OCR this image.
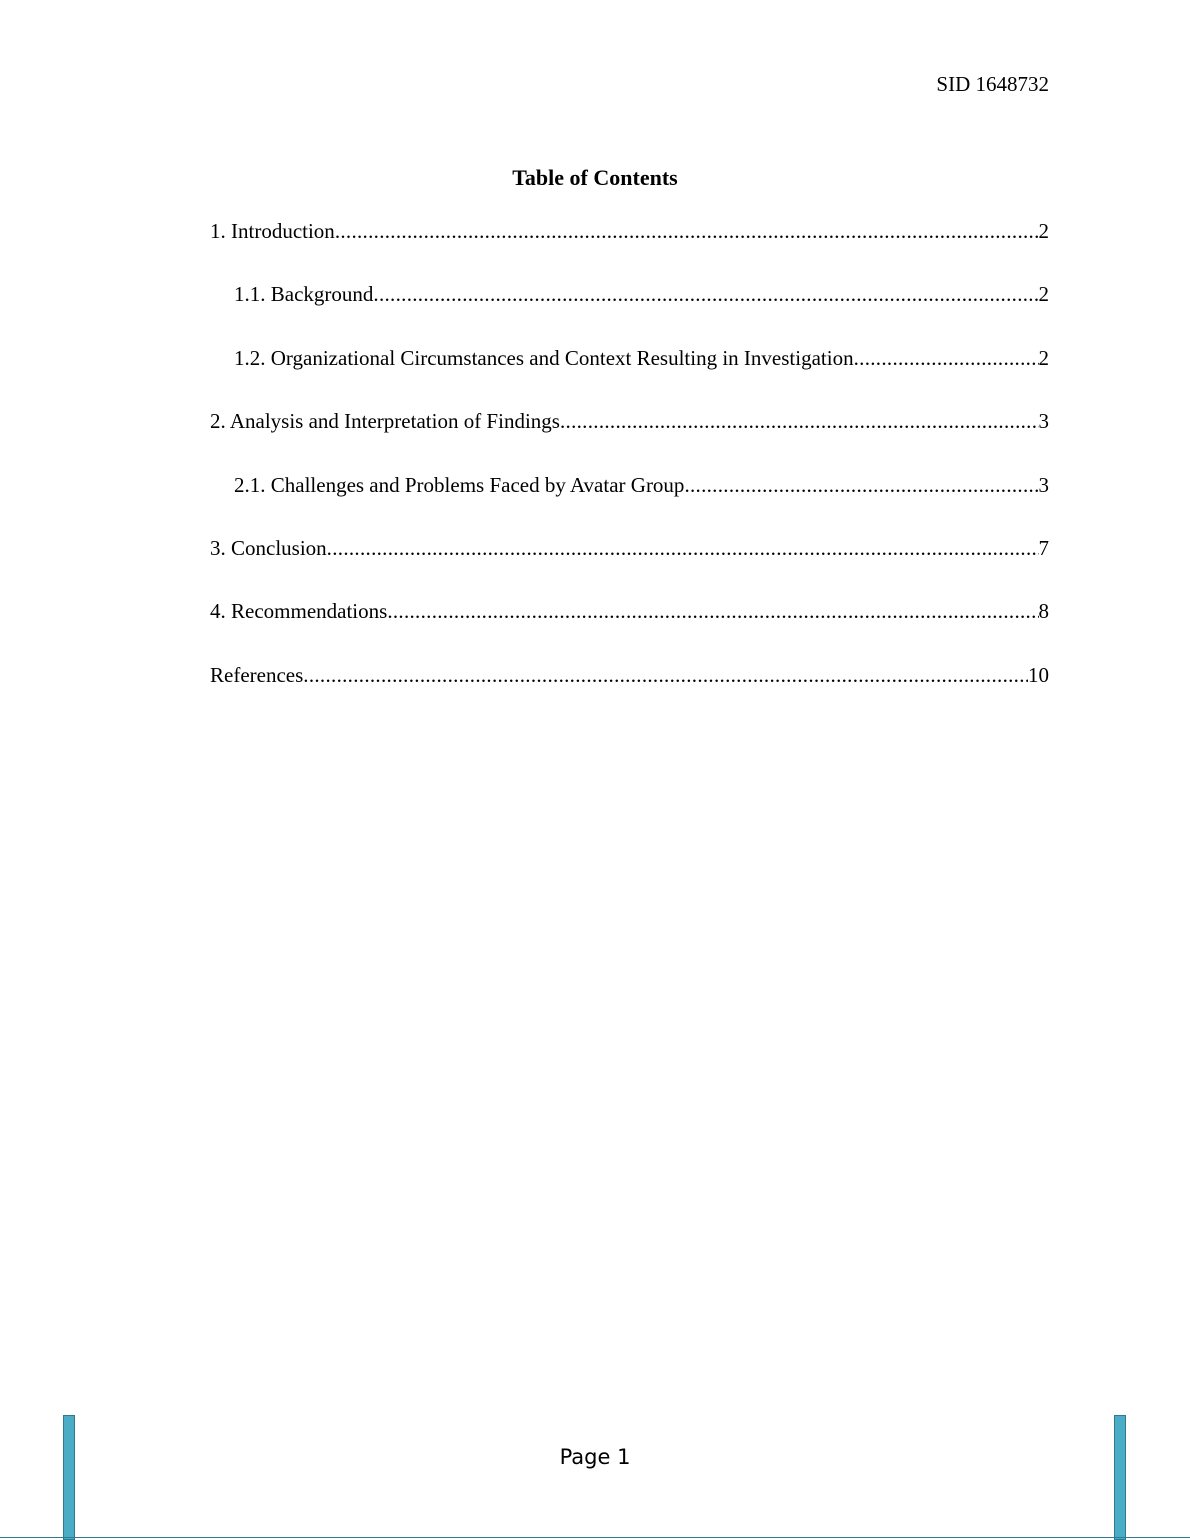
SID 1648732
Table of Contents
1. Introduction .....	2
1.1. Background .....	2
1.2. Organizational Circumstances and Context Resulting in Investigation .....	2
2. Analysis and Interpretation of Findings .....	3
2.1. Challenges and Problems Faced by Avatar Group .....	3
3. Conclusion .....	7
4. Recommendations .....	8
References .....	10
Page 1
